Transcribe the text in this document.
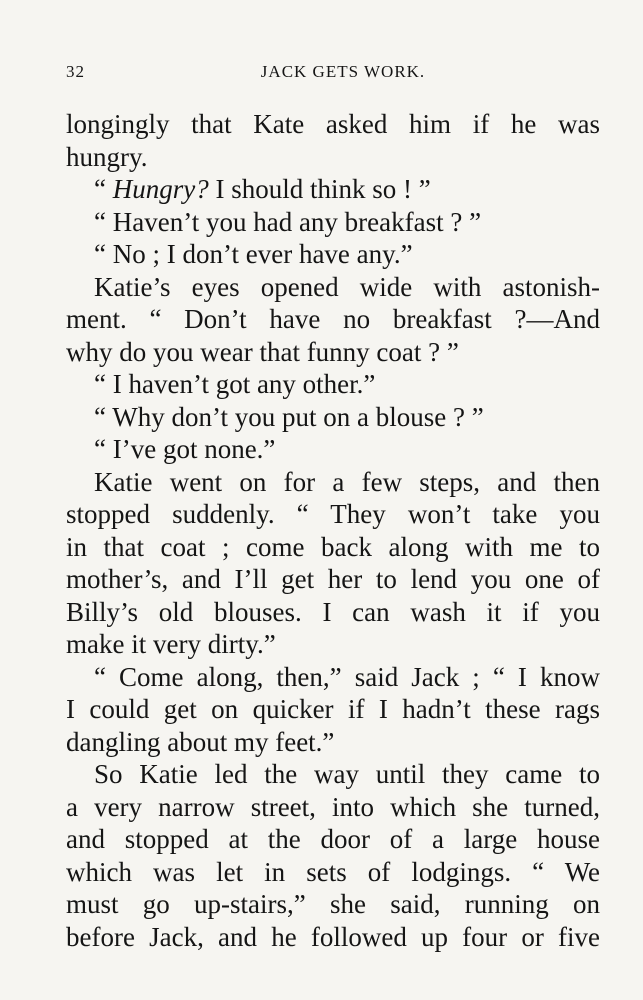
32	JACK GETS WORK.
longingly that Kate asked him if he was
hungry.
“ Hungry? I should think so ! ”
“ Haven’t you had any breakfast ? ”
“ No ; I don’t ever have any.”
Katie’s eyes opened wide with astonish-
ment. “ Don’t have no breakfast ?—And
why do you wear that funny coat ? ”
“ I haven’t got any other.”
“ Why don’t you put on a blouse ? ”
“ I’ve got none.”
Katie went on for a few steps, and then
stopped suddenly. “ They won’t take you
in that coat ; come back along with me to
mother’s, and I’ll get her to lend you one of
Billy’s old blouses. I can wash it if you
make it very dirty.”
“ Come along, then,” said Jack ; “ I know
I could get on quicker if I hadn’t these rags
dangling about my feet.”
So Katie led the way until they came to
a very narrow street, into which she turned,
and stopped at the door of a large house
which was let in sets of lodgings. “ We
must go up-stairs,” she said, running on
before Jack, and he followed up four or five
